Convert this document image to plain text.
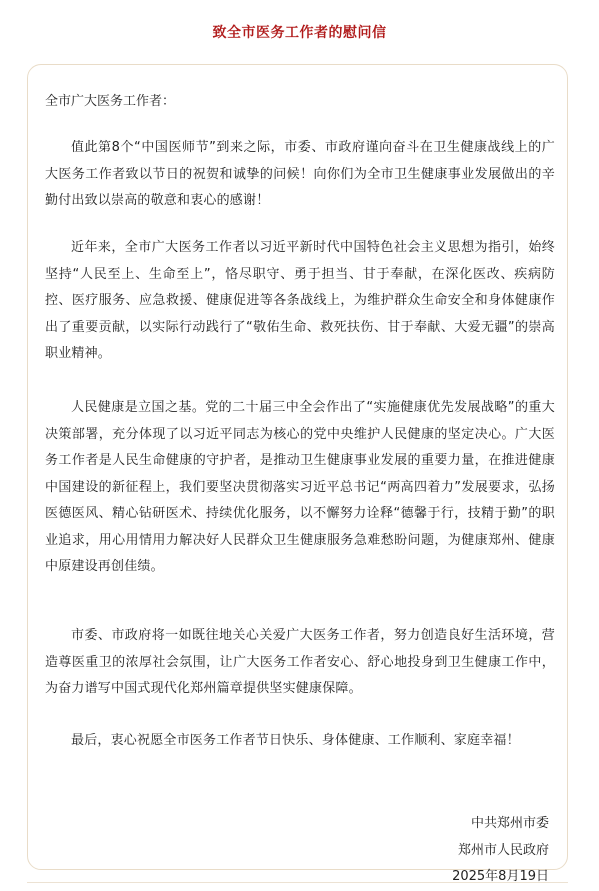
致全市医务工作者的慰问信

全市广大医务工作者：

值此第8个“中国医师节”到来之际，市委、市政府谨向奋斗在卫生健康战线上的广大医务工作者致以节日的祝贺和诚挚的问候！向你们为全市卫生健康事业发展做出的辛勤付出致以崇高的敬意和衷心的感谢！

近年来，全市广大医务工作者以习近平新时代中国特色社会主义思想为指引，始终坚持“人民至上、生命至上”，恪尽职守、勇于担当、甘于奉献，在深化医改、疾病防控、医疗服务、应急救援、健康促进等各条战线上，为维护群众生命安全和身体健康作出了重要贡献，以实际行动践行了“敬佑生命、救死扶伤、甘于奉献、大爱无疆”的崇高职业精神。

人民健康是立国之基。党的二十届三中全会作出了“实施健康优先发展战略”的重大决策部署，充分体现了以习近平同志为核心的党中央维护人民健康的坚定决心。广大医务工作者是人民生命健康的守护者，是推动卫生健康事业发展的重要力量，在推进健康中国建设的新征程上，我们要坚决贯彻落实习近平总书记“两高四着力”发展要求，弘扬医德医风、精心钻研医术、持续优化服务，以不懈努力诠释“德馨于行，技精于勤”的职业追求，用心用情用力解决好人民群众卫生健康服务急难愁盼问题，为健康郑州、健康中原建设再创佳绩。

市委、市政府将一如既往地关心关爱广大医务工作者，努力创造良好生活环境，营造尊医重卫的浓厚社会氛围，让广大医务工作者安心、舒心地投身到卫生健康工作中，为奋力谱写中国式现代化郑州篇章提供坚实健康保障。

最后，衷心祝愿全市医务工作者节日快乐、身体健康、工作顺利、家庭幸福！

中共郑州市委
郑州市人民政府
2025年8月19日
